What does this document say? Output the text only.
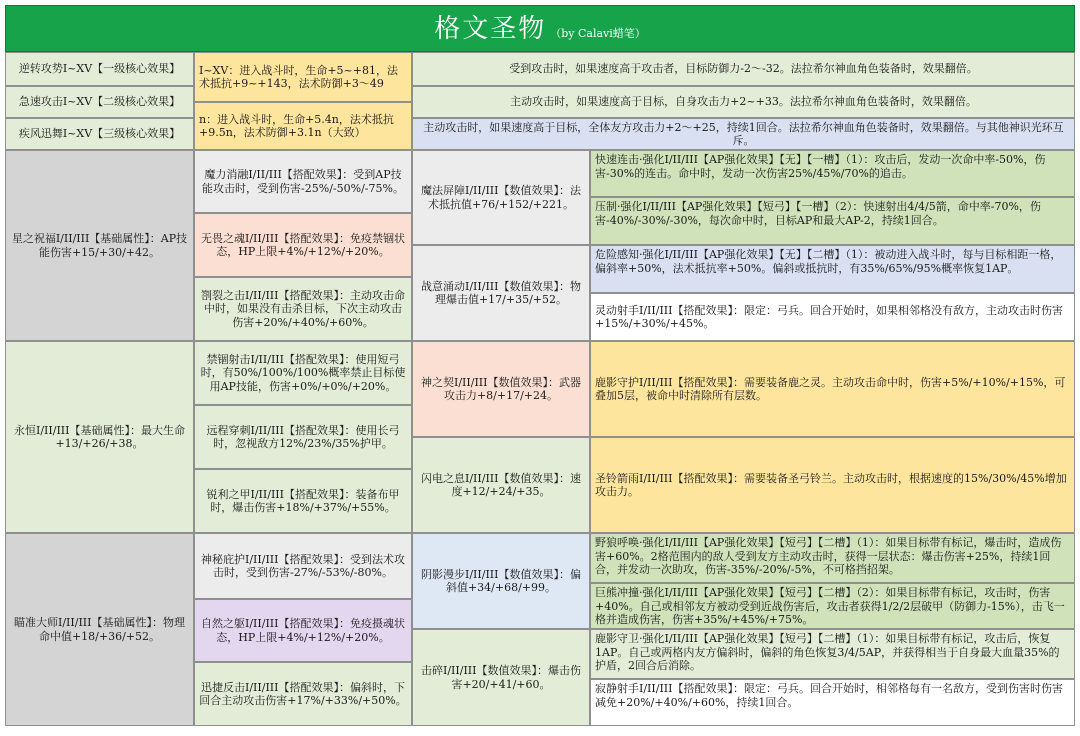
格文圣物 （by Calavi蜡笔）
逆转攻势I~XV【一级核心效果】
急速攻击I~XV【二级核心效果】
疾风迅舞I~XV【三级核心效果】
I~XV：进入战斗时，生命+5~+81，法术抵抗+9~+143，法术防御+3～49
n：进入战斗时，生命+5.4n，法术抵抗+9.5n，法术防御+3.1n（大致）
受到攻击时，如果速度高于攻击者，目标防御力-2～-32。法拉希尔神血角色装备时，效果翻倍。
主动攻击时，如果速度高于目标，自身攻击力+2~+33。法拉希尔神血角色装备时，效果翻倍。
主动攻击时，如果速度高于目标，全体友方攻击力+2～+25，持续1回合。法拉希尔神血角色装备时，效果翻倍。与其他神识光环互斥。
星之祝福I/II/III【基础属性】：AP技能伤害+15/+30/+42。
魔力消融I/II/III【搭配效果】：受到AP技能攻击时，受到伤害-25%/-50%/-75%。
无畏之魂I/II/III【搭配效果】：免疫禁锢状态，HP上限+4%/+12%/+20%。
劄裂之击I/II/III【搭配效果】：主动攻击命中时，如果没有击杀目标，下次主动攻击伤害+20%/+40%/+60%。
永恒I/II/III【基础属性】：最大生命+13/+26/+38。
禁锢射击I/II/III【搭配效果】：使用短弓时，有50%/100%/100%概率禁止目标使用AP技能，伤害+0%/+0%/+20%。
远程穿刺I/II/III【搭配效果】：使用长弓时，忽视敌方12%/23%/35%护甲。
锐利之甲I/II/III【搭配效果】：装备布甲时，爆击伤害+18%/+37%/+55%。
瞄准大师I/II/III【基础属性】：物理命中值+18/+36/+52。
神秘庇护I/II/III【搭配效果】：受到法术攻击时，受到伤害-27%/-53%/-80%。
自然之躯I/II/III【搭配效果】：免疫摄魂状态，HP上限+4%/+12%/+20%。
迅捷反击I/II/III【搭配效果】：偏斜时，下回合主动攻击伤害+17%/+33%/+50%。
魔法屏障I/II/III【数值效果】：法术抵抗值+76/+152/+221。
战意涌动I/II/III【数值效果】：物理爆击值+17/+35/+52。
神之契I/II/III【数值效果】：武器攻击力+8/+17/+24。
闪电之息I/II/III【数值效果】：速度+12/+24/+35。
阴影漫步I/II/III【数值效果】：偏斜值+34/+68/+99。
击碎I/II/III【数值效果】：爆击伤害+20/+41/+60。
快速连击·强化I/II/III【AP强化效果】【无】【一槽】（1）：攻击后，发动一次命中率-50%，伤害-30%的连击。命中时，发动一次伤害25%/45%/70%的追击。
压制·强化I/II/III【AP强化效果】【短弓】【一槽】（2）：快速射出4/4/5箭，命中率-70%，伤害-40%/-30%/-30%，每次命中时，目标AP和最大AP-2，持续1回合。
危险感知·强化I/II/III【AP强化效果】【无】【二槽】（1）：被动进入战斗时，每与目标相距一格，偏斜率+50%，法术抵抗率+50%。偏斜或抵抗时，有35%/65%/95%概率恢复1AP。
灵动射手I/II/III【搭配效果】：限定：弓兵。回合开始时，如果相邻格没有敌方，主动攻击时伤害+15%/+30%/+45%。
鹿影守护I/II/III【搭配效果】：需要装备鹿之灵。主动攻击命中时，伤害+5%/+10%/+15%，可叠加5层，被命中时清除所有层数。
圣铃箭雨I/II/III【搭配效果】：需要装备圣弓铃兰。主动攻击时，根据速度的15%/30%/45%增加攻击力。
野狼呼唤·强化I/II/III【AP强化效果】【短弓】【二槽】（1）：如果目标带有标记，爆击时，造成伤害+60%。2格范围内的敌人受到友方主动攻击时，获得一层状态：爆击伤害+25%，持续1回合，并发动一次助攻，伤害-35%/-20%/-5%，不可格挡招架。
巨熊冲撞·强化I/II/III【AP强化效果】【短弓】【二槽】（2）：如果目标带有标记，攻击时，伤害+40%。自己或相邻友方被动受到近战伤害后，攻击者获得1/2/2层破甲（防御力-15%），击飞一格并造成伤害，伤害+35%/+45%/+75%。
鹿影守卫·强化I/II/III【AP强化效果】【短弓】【二槽】（1）：如果目标带有标记，攻击后，恢复1AP。自己或两格内友方偏斜时，偏斜的角色恢复3/4/5AP，并获得相当于自身最大血量35%的护盾，2回合后消除。
寂静射手I/II/III【搭配效果】：限定：弓兵。回合开始时，相邻格每有一名敌方，受到伤害时伤害减免+20%/+40%/+60%，持续1回合。
